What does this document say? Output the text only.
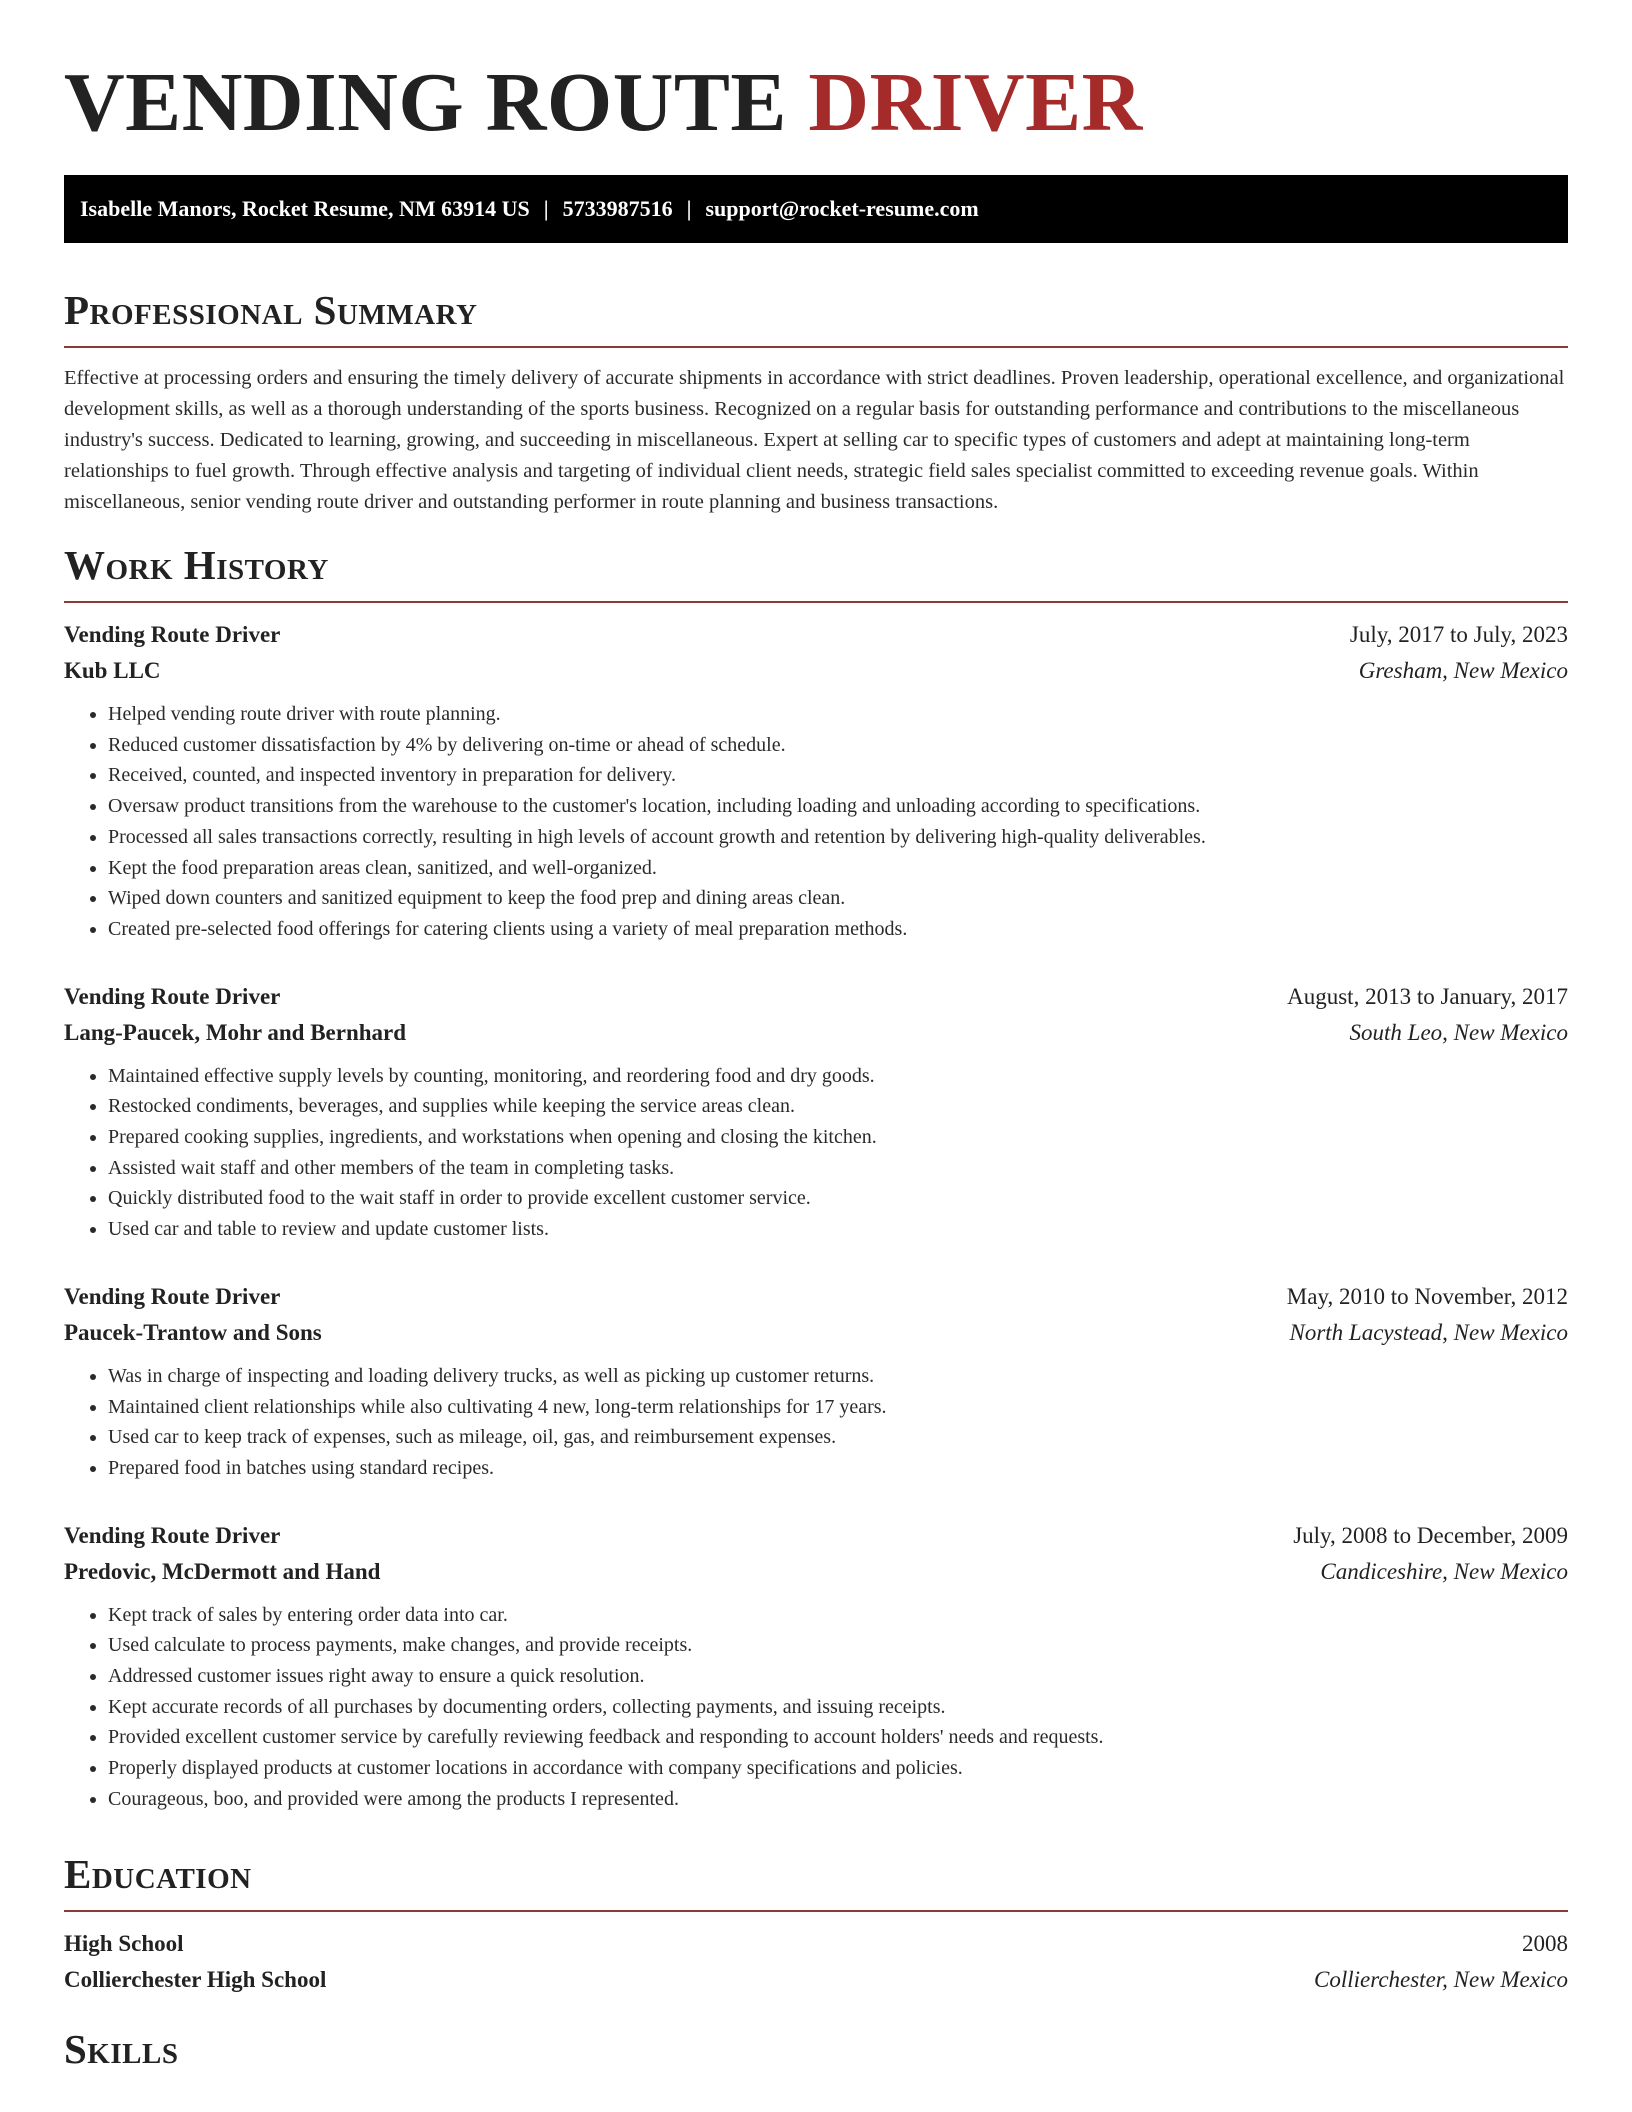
VENDING ROUTE DRIVER
Isabelle Manors, Rocket Resume, NM 63914 US | 5733987516 | support@rocket-resume.com
Professional Summary

Effective at processing orders and ensuring the timely delivery of accurate shipments in accordance with strict deadlines. Proven leadership, operational excellence, and organizational development skills, as well as a thorough understanding of the sports business. Recognized on a regular basis for outstanding performance and contributions to the miscellaneous industry's success. Dedicated to learning, growing, and succeeding in miscellaneous. Expert at selling car to specific types of customers and adept at maintaining long-term relationships to fuel growth. Through effective analysis and targeting of individual client needs, strategic field sales specialist committed to exceeding revenue goals. Within miscellaneous, senior vending route driver and outstanding performer in route planning and business transactions.

Work History
Vending Route Driver	July, 2017 to July, 2023
Kub LLC	Gresham, New Mexico
• Helped vending route driver with route planning.
• Reduced customer dissatisfaction by 4% by delivering on-time or ahead of schedule.
• Received, counted, and inspected inventory in preparation for delivery.
• Oversaw product transitions from the warehouse to the customer's location, including loading and unloading according to specifications.
• Processed all sales transactions correctly, resulting in high levels of account growth and retention by delivering high-quality deliverables.
• Kept the food preparation areas clean, sanitized, and well-organized.
• Wiped down counters and sanitized equipment to keep the food prep and dining areas clean.
• Created pre-selected food offerings for catering clients using a variety of meal preparation methods.
Vending Route Driver	August, 2013 to January, 2017
Lang-Paucek, Mohr and Bernhard	South Leo, New Mexico
• Maintained effective supply levels by counting, monitoring, and reordering food and dry goods.
• Restocked condiments, beverages, and supplies while keeping the service areas clean.
• Prepared cooking supplies, ingredients, and workstations when opening and closing the kitchen.
• Assisted wait staff and other members of the team in completing tasks.
• Quickly distributed food to the wait staff in order to provide excellent customer service.
• Used car and table to review and update customer lists.
Vending Route Driver	May, 2010 to November, 2012
Paucek-Trantow and Sons	North Lacystead, New Mexico
• Was in charge of inspecting and loading delivery trucks, as well as picking up customer returns.
• Maintained client relationships while also cultivating 4 new, long-term relationships for 17 years.
• Used car to keep track of expenses, such as mileage, oil, gas, and reimbursement expenses.
• Prepared food in batches using standard recipes.
Vending Route Driver	July, 2008 to December, 2009
Predovic, McDermott and Hand	Candiceshire, New Mexico
• Kept track of sales by entering order data into car.
• Used calculate to process payments, make changes, and provide receipts.
• Addressed customer issues right away to ensure a quick resolution.
• Kept accurate records of all purchases by documenting orders, collecting payments, and issuing receipts.
• Provided excellent customer service by carefully reviewing feedback and responding to account holders' needs and requests.
• Properly displayed products at customer locations in accordance with company specifications and policies.
• Courageous, boo, and provided were among the products I represented.
Education
High School	2008
Colliercheste​r High School	Collierchester, New Mexico
Skills
